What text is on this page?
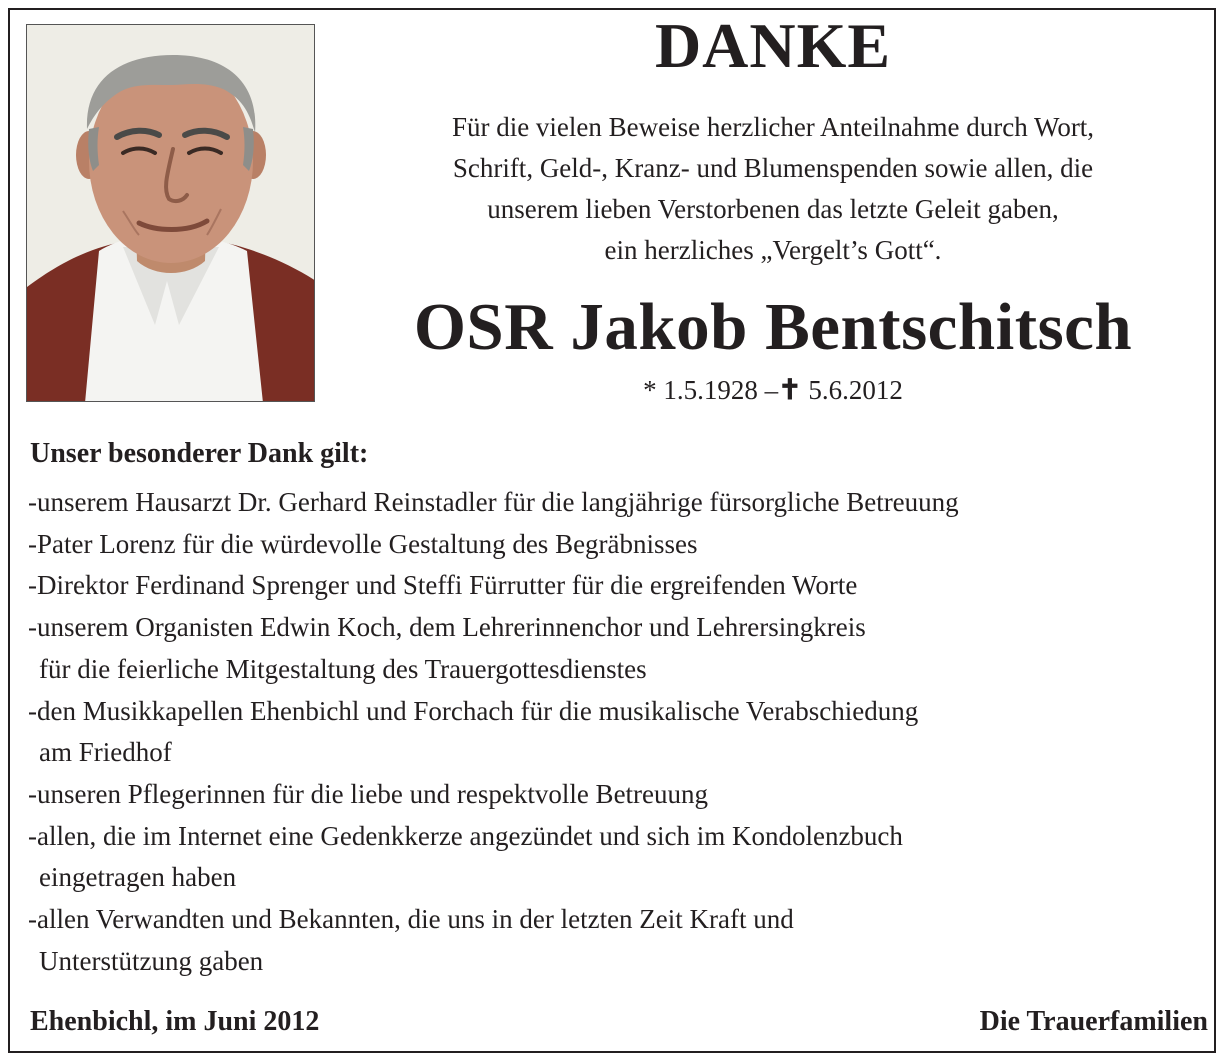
DANKE
Für die vielen Beweise herzlicher Anteilnahme durch Wort,
Schrift, Geld-, Kranz- und Blumenspenden sowie allen, die
unserem lieben Verstorbenen das letzte Geleit gaben,
ein herzliches „Vergelt’s Gott“.
OSR Jakob Bentschitsch
* 1.5.1928 –✝ 5.6.2012
Unser besonderer Dank gilt:
-unserem Hausarzt Dr. Gerhard Reinstadler für die langjährige fürsorgliche Betreuung
-Pater Lorenz für die würdevolle Gestaltung des Begräbnisses
-Direktor Ferdinand Sprenger und Steffi Fürrutter für die ergreifenden Worte
-unserem Organisten Edwin Koch, dem Lehrerinnenchor und Lehrersingkreis
für die feierliche Mitgestaltung des Trauergottesdienstes
-den Musikkapellen Ehenbichl und Forchach für die musikalische Verabschiedung
am Friedhof
-unseren Pflegerinnen für die liebe und respektvolle Betreuung
-allen, die im Internet eine Gedenkkerze angezündet und sich im Kondolenzbuch
eingetragen haben
-allen Verwandten und Bekannten, die uns in der letzten Zeit Kraft und
Unterstützung gaben
Ehenbichl, im Juni 2012	Die Trauerfamilien
